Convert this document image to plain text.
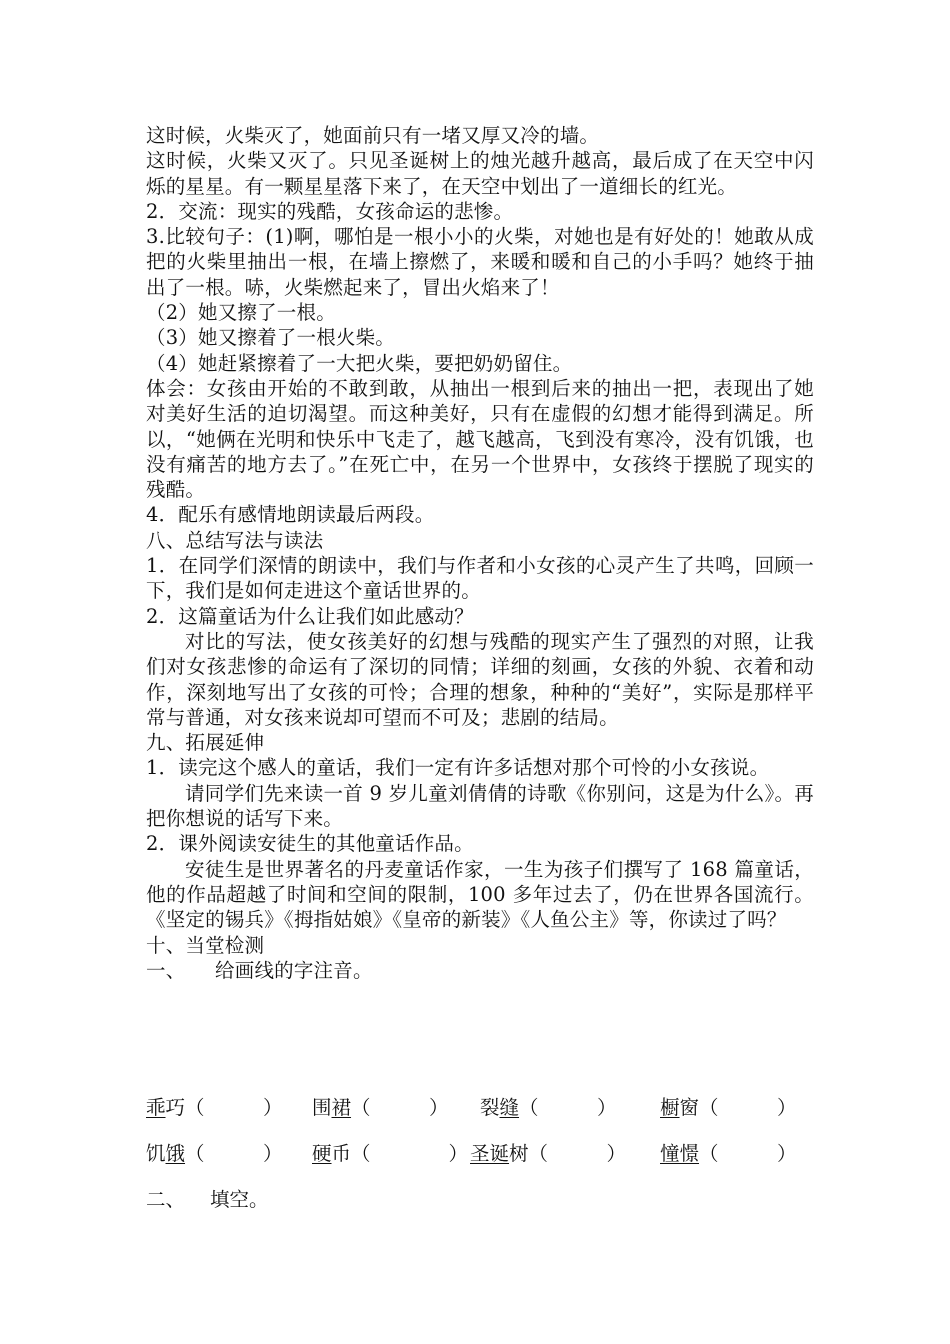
这时候，火柴灭了，她面前只有一堵又厚又冷的墙。

这时候，火柴又灭了。只见圣诞树上的烛光越升越高，最后成了在天空中闪烁的星星。有一颗星星落下来了，在天空中划出了一道细长的红光。

2．交流：现实的残酷，女孩命运的悲惨。

3.比较句子：(1)啊，哪怕是一根小小的火柴，对她也是有好处的！她敢从成把的火柴里抽出一根，在墙上擦燃了，来暖和暖和自己的小手吗？她终于抽出了一根。哧，火柴燃起来了，冒出火焰来了！

（2）她又擦了一根。

（3）她又擦着了一根火柴。

（4）她赶紧擦着了一大把火柴，要把奶奶留住。

体会：女孩由开始的不敢到敢，从抽出一根到后来的抽出一把，表现出了她对美好生活的迫切渴望。而这种美好，只有在虚假的幻想才能得到满足。所以，“她俩在光明和快乐中飞走了，越飞越高，飞到没有寒冷，没有饥饿，也没有痛苦的地方去了。”在死亡中，在另一个世界中，女孩终于摆脱了现实的残酷。

4．配乐有感情地朗读最后两段。

八、总结写法与读法

1．在同学们深情的朗读中，我们与作者和小女孩的心灵产生了共鸣，回顾一下，我们是如何走进这个童话世界的。

2．这篇童话为什么让我们如此感动？

对比的写法，使女孩美好的幻想与残酷的现实产生了强烈的对照，让我们对女孩悲惨的命运有了深切的同情；详细的刻画，女孩的外貌、衣着和动作，深刻地写出了女孩的可怜；合理的想象，种种的“美好”，实际是那样平常与普通，对女孩来说却可望而不可及；悲剧的结局。

九、拓展延伸

1．读完这个感人的童话，我们一定有许多话想对那个可怜的小女孩说。

请同学们先来读一首 9 岁儿童刘倩倩的诗歌《你别问，这是为什么》。再把你想说的话写下来。

2．课外阅读安徒生的其他童话作品。

安徒生是世界著名的丹麦童话作家，一生为孩子们撰写了 168 篇童话，他的作品超越了时间和空间的限制，100 多年过去了，仍在世界各国流行。《坚定的锡兵》《拇指姑娘》《皇帝的新装》《人鱼公主》等，你读过了吗？

十、当堂检测

一、　　给画线的字注音。

乖巧（　　　） 围裙（　　　） 裂缝（　　　） 橱窗（　　　）
饥饿（　　　） 硬币（　　　　） 圣诞树（　　　） 憧憬（　　　）
二、 填空。
